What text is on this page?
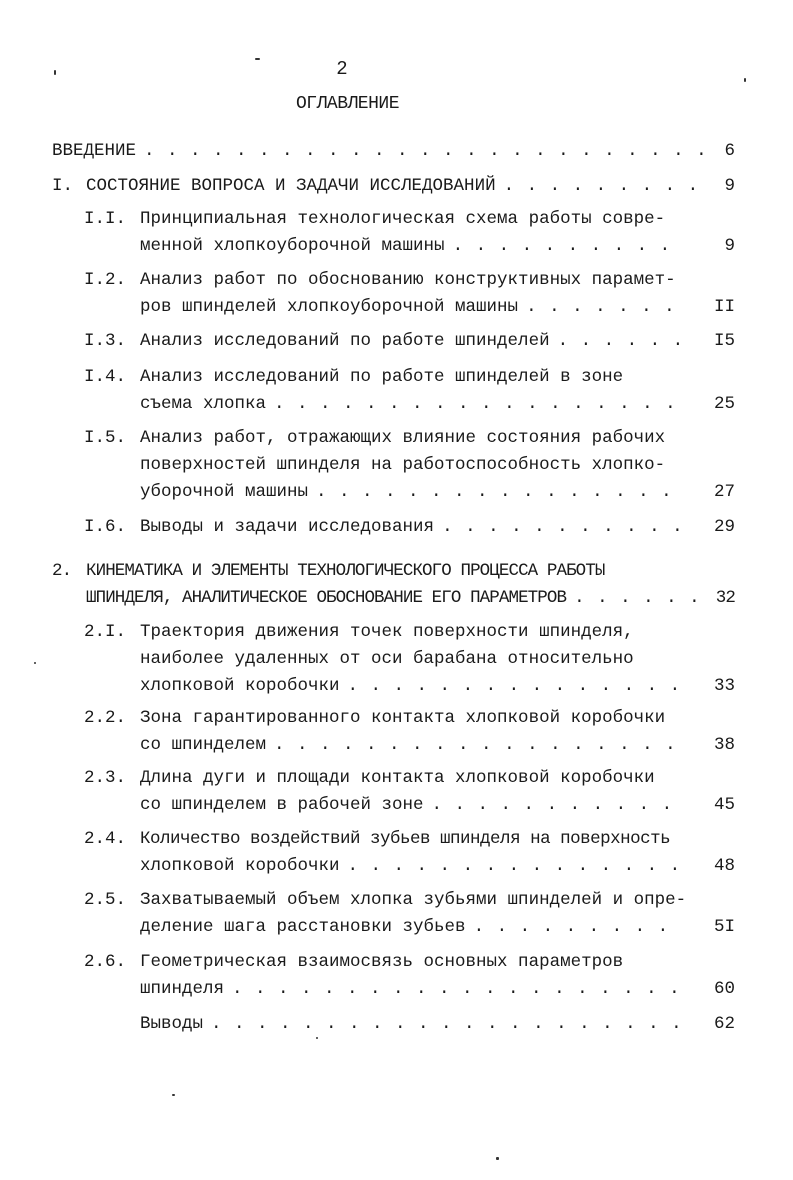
2
ОГЛАВЛЕНИЕ
ВВЕДЕНИЕ . . .	6
I. СОСТОЯНИЕ ВОПРОСА И ЗАДАЧИ ИССЛЕДОВАНИЙ . . .	9
I.I. Принципиальная технологическая схема работы совре-
менной хлопкоуборочной машины . . .	9
I.2. Анализ работ по обоснованию конструктивных парамет-
ров шпинделей хлопкоуборочной машины . . .	II
I.3. Анализ исследований по работе шпинделей . . .	I5
I.4. Анализ исследований по работе шпинделей в зоне
съема хлопка . . .	25
I.5. Анализ работ, отражающих влияние состояния рабочих
поверхностей шпинделя на работоспособность хлопко-
уборочной машины . . .	27
I.6. Выводы и задачи исследования . . .	29
2. КИНЕМАТИКА И ЭЛЕМЕНТЫ ТЕХНОЛОГИЧЕСКОГО ПРОЦЕССА РАБОТЫ
ШПИНДЕЛЯ, АНАЛИТИЧЕСКОЕ ОБОСНОВАНИЕ ЕГО ПАРАМЕТРОВ . . .	32
2.I. Траектория движения точек поверхности шпинделя,
наиболее удаленных от оси барабана относительно
хлопковой коробочки . . .	33
2.2. Зона гарантированного контакта хлопковой коробочки
со шпинделем . . .	38
2.3. Длина дуги и площади контакта хлопковой коробочки
со шпинделем в рабочей зоне . . .	45
2.4. Количество воздействий зубьев шпинделя на поверхность
хлопковой коробочки . . .	48
2.5. Захватываемый объем хлопка зубьями шпинделей и опре-
деление шага расстановки зубьев . . .	5I
2.6. Геометрическая взаимосвязь основных параметров
шпинделя . . .	60
Выводы . . .	62
